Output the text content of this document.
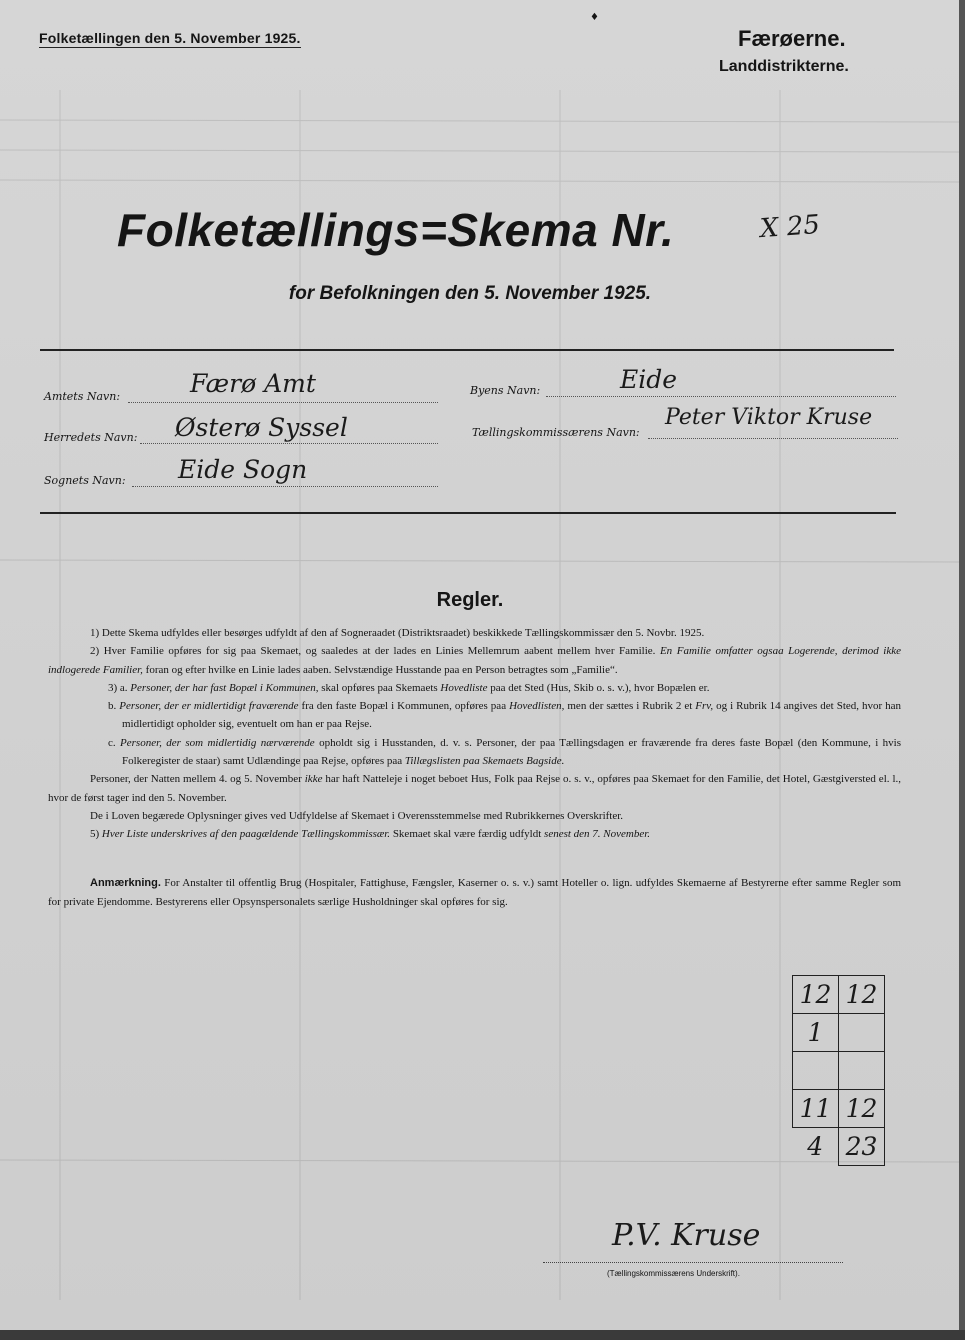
♦
Folketællingen den 5. November 1925.	Færøerne.
Landdistrikterne.
Folketællings=Skema Nr.	X 25
for Befolkningen den 5. November 1925.
Amtets Navn:	Færø Amt	Byens Navn:	Eide
Herredets Navn: Østerø Syssel	Tællingskommissærens Navn:
Peter Viktor Kruse
Sognets Navn: Eide Sogn
Regler.

1) Dette Skema udfyldes eller besørges udfyldt af den af Sogneraadet (Distriktsraadet) beskikkede Tællingskommissær den 5. Novbr. 1925.

2) Hver Familie opføres for sig paa Skemaet, og saaledes at der lades en Linies Mellemrum aabent mellem hver Familie. En Familie omfatter ogsaa Logerende, derimod ikke indlogerede Familier, foran og efter hvilke en Linie lades aaben. Selvstændige Husstande paa en Person betragtes som „Familie“.

3) a. Personer, der har fast Bopæl i Kommunen, skal opføres paa Skemaets Hovedliste paa det Sted (Hus, Skib o. s. v.), hvor Bopælen er.

b. Personer, der er midlertidigt fraværende fra den faste Bopæl i Kommunen, opføres paa Hovedlisten, men der sættes i Rubrik 2 et Frv, og i Rubrik 14 angives det Sted, hvor han midlertidigt opholder sig, eventuelt om han er paa Rejse.

c. Personer, der som midlertidig nærværende opholdt sig i Husstanden, d. v. s. Personer, der paa Tællingsdagen er fraværende fra deres faste Bopæl (den Kommune, i hvis Folkeregister de staar) samt Udlændinge paa Rejse, opføres paa Tillægslisten paa Skemaets Bagside.

Personer, der Natten mellem 4. og 5. November ikke har haft Natteleje i noget beboet Hus, Folk paa Rejse o. s. v., opføres paa Skemaet for den Familie, det Hotel, Gæstgiversted el. l., hvor de først tager ind den 5. November.

De i Loven begærede Oplysninger gives ved Udfyldelse af Skemaet i Overensstemmelse med Rubrikkernes Overskrifter.

5) Hver Liste underskrives af den paagældende Tællingskommissær. Skemaet skal være færdig udfyldt senest den 7. November.

Anmærkning. For Anstalter til offentlig Brug (Hospitaler, Fattighuse, Fængsler, Kaserner o. s. v.) samt Hoteller o. lign. udfyldes Skemaerne af Bestyrerne efter samme Regler som for private Ejendomme. Bestyrerens eller Opsynspersonalets særlige Husholdninger skal opføres for sig.
12	12
1	

11	12
4	23
P.V. Kruse
(Tællingskommissærens Underskrift).
